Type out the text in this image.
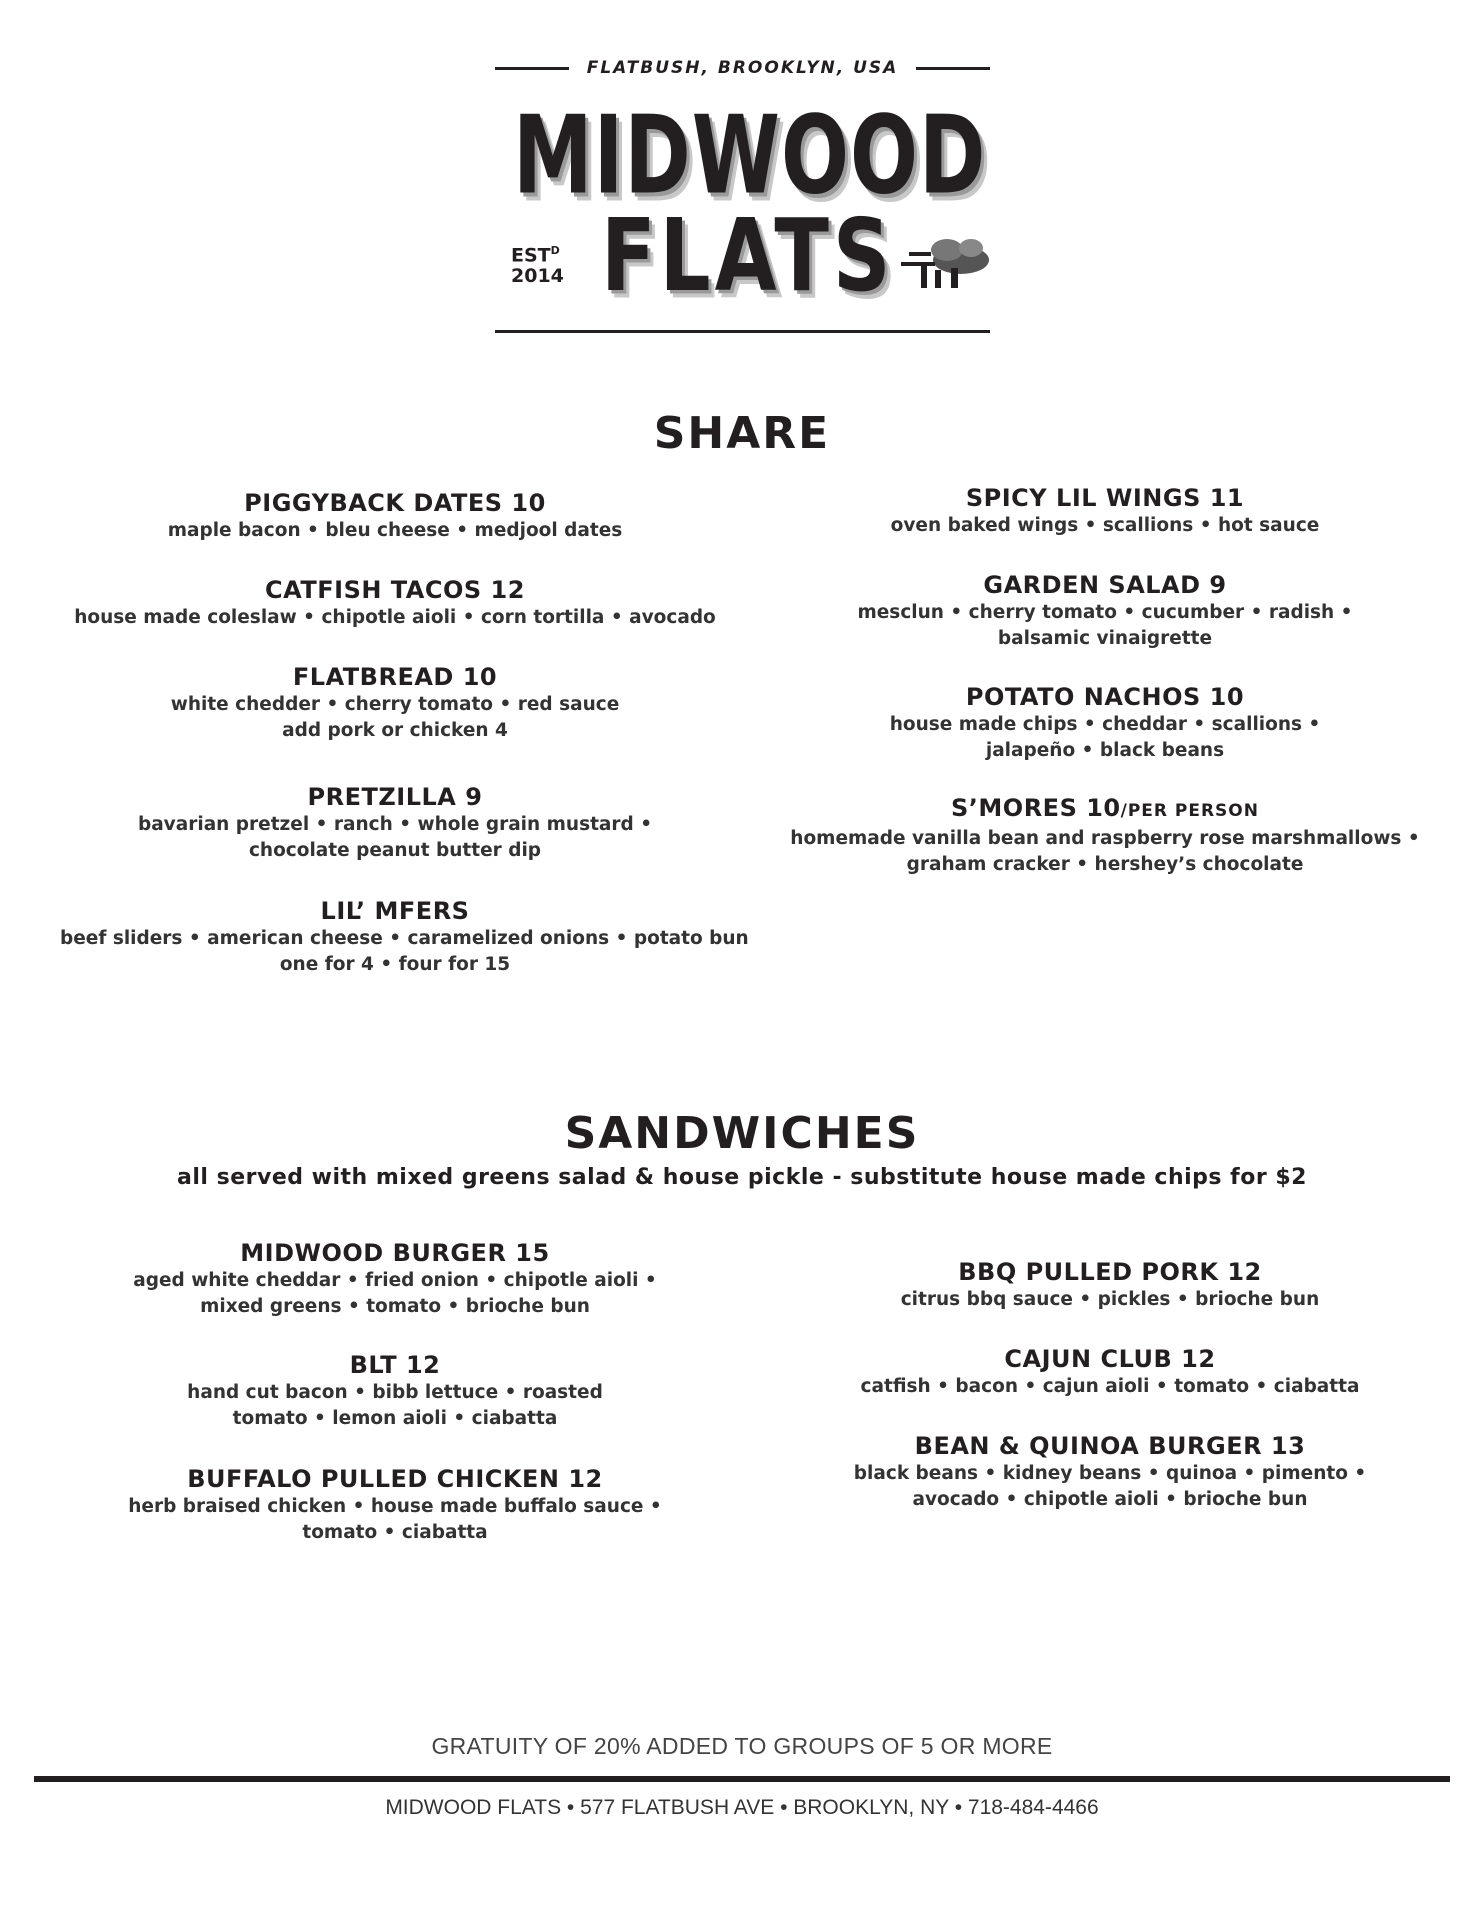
FLATBUSH, BROOKLYN, USA
MIDWOOD
$EST^D$
2014 FLATS
SHARE
PIGGYBACK DATES 10
maple bacon • bleu cheese • medjool dates
CATFISH TACOS 12
house made coleslaw • chipotle aioli • corn tortilla • avocado
FLATBREAD 10
white chedder • cherry tomato • red sauce
add pork or chicken 4
PRETZILLA 9
bavarian pretzel • ranch • whole grain mustard •
chocolate peanut butter dip
LIL’ MFERS
beef sliders • american cheese • caramelized onions • potato bun
one for 4 • four for 15
SPICY LIL WINGS 11
oven baked wings • scallions • hot sauce
GARDEN SALAD 9
mesclun • cherry tomato • cucumber • radish •
balsamic vinaigrette
POTATO NACHOS 10
house made chips • cheddar • scallions •
jalapeño • black beans
S’MORES 10/PER PERSON
homemade vanilla bean and raspberry rose marshmallows •
graham cracker • hershey’s chocolate
SANDWICHES

all served with mixed greens salad & house pickle - substitute house made chips for $2

MIDWOOD BURGER 15
aged white cheddar • fried onion • chipotle aioli •
mixed greens • tomato • brioche bun
BLT 12
hand cut bacon • bibb lettuce • roasted
tomato • lemon aioli • ciabatta
BUFFALO PULLED CHICKEN 12
herb braised chicken • house made buffalo sauce •
tomato • ciabatta
BBQ PULLED PORK 12
citrus bbq sauce • pickles • brioche bun
CAJUN CLUB 12
catfish • bacon • cajun aioli • tomato • ciabatta
BEAN & QUINOA BURGER 13
black beans • kidney beans • quinoa • pimento •
avocado • chipotle aioli • brioche bun
GRATUITY OF 20% ADDED TO GROUPS OF 5 OR MORE
MIDWOOD FLATS • 577 FLATBUSH AVE • BROOKLYN, NY • 718-484-4466
